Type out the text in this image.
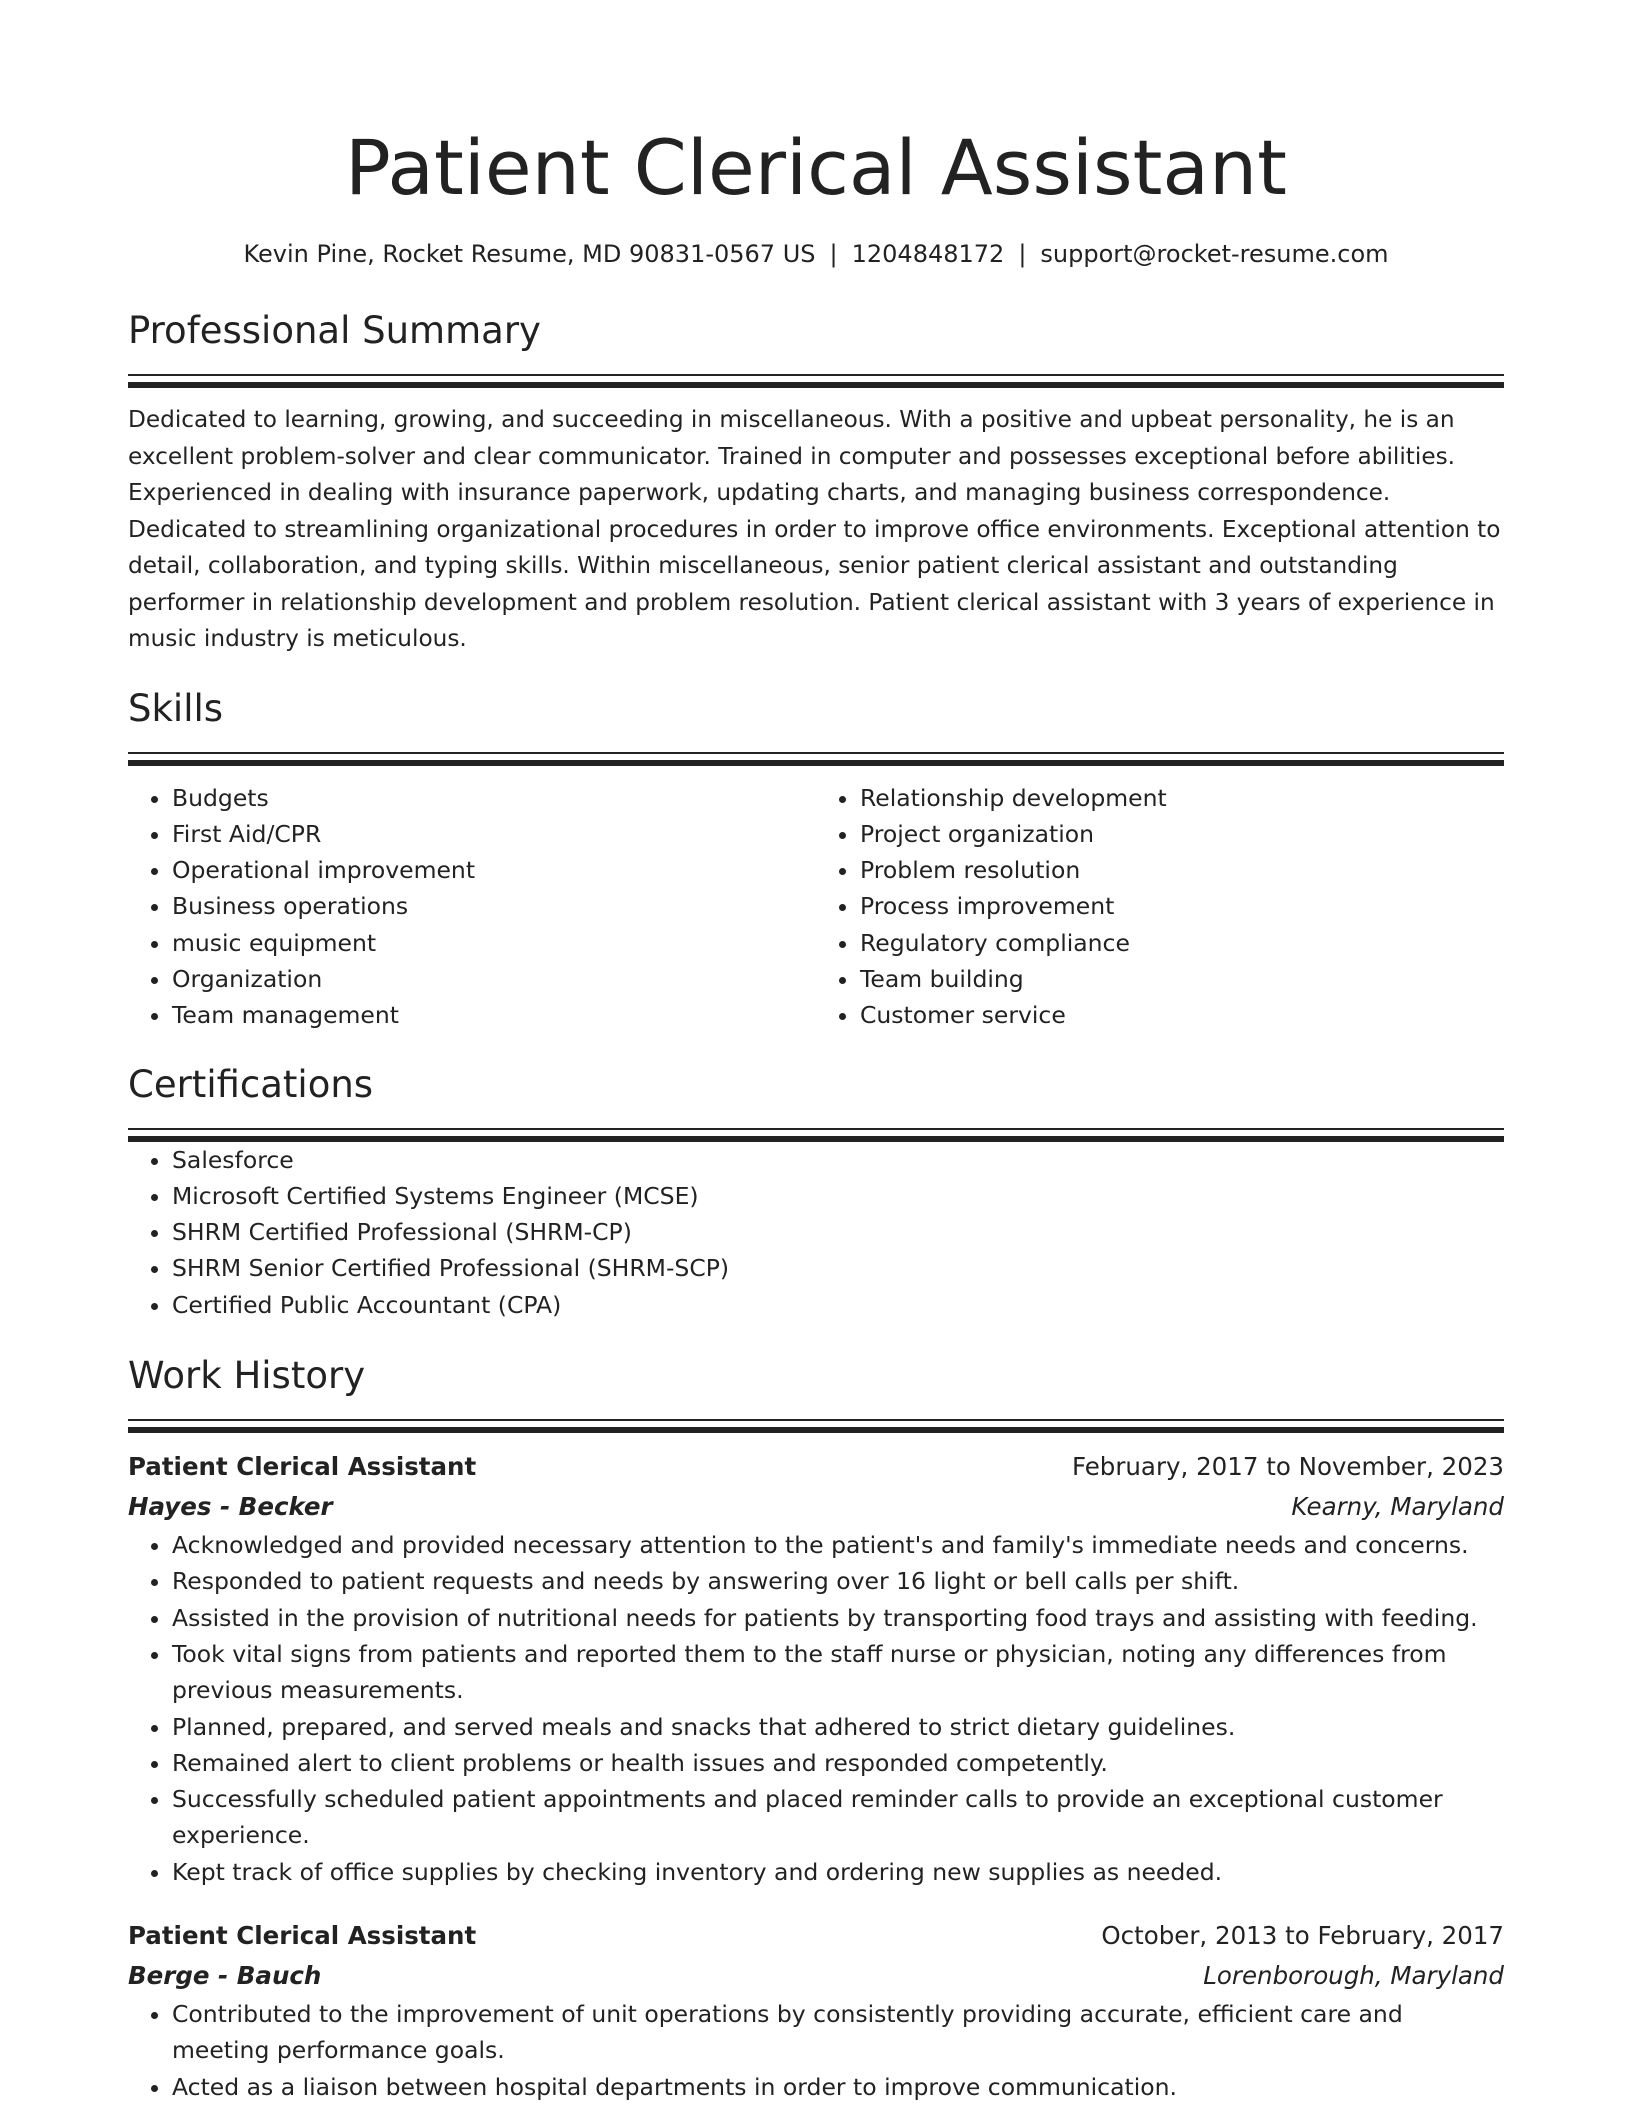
Patient Clerical Assistant
Kevin Pine, Rocket Resume, MD 90831-0567 US | 1204848172 | support@rocket-resume.com
Professional Summary

Dedicated to learning, growing, and succeeding in miscellaneous. With a positive and upbeat personality, he is an excellent problem-solver and clear communicator. Trained in computer and possesses exceptional before abilities. Experienced in dealing with insurance paperwork, updating charts, and managing business correspondence. Dedicated to streamlining organizational procedures in order to improve office environments. Exceptional attention to detail, collaboration, and typing skills. Within miscellaneous, senior patient clerical assistant and outstanding performer in relationship development and problem resolution. Patient clerical assistant with 3 years of experience in music industry is meticulous.

Skills
• Budgets
• First Aid/CPR
• Operational improvement
• Business operations
• music equipment
• Organization
• Team management
• Relationship development
• Project organization
• Problem resolution
• Process improvement
• Regulatory compliance
• Team building
• Customer service
Certifications
• Salesforce
• Microsoft Certified Systems Engineer (MCSE)
• SHRM Certified Professional (SHRM-CP)
• SHRM Senior Certified Professional (SHRM-SCP)
• Certified Public Accountant (CPA)
Work History
Patient Clerical Assistant	February, 2017 to November, 2023
Hayes - Becker	Kearny, Maryland
• Acknowledged and provided necessary attention to the patient's and family's immediate needs and concerns.
• Responded to patient requests and needs by answering over 16 light or bell calls per shift.
• Assisted in the provision of nutritional needs for patients by transporting food trays and assisting with feeding.
• Took vital signs from patients and reported them to the staff nurse or physician, noting any differences from previous measurements.
• Planned, prepared, and served meals and snacks that adhered to strict dietary guidelines.
• Remained alert to client problems or health issues and responded competently.
• Successfully scheduled patient appointments and placed reminder calls to provide an exceptional customer experience.
• Kept track of office supplies by checking inventory and ordering new supplies as needed.
Patient Clerical Assistant	October, 2013 to February, 2017
Berge - Bauch	Lorenborough, Maryland
• Contributed to the improvement of unit operations by consistently providing accurate, efficient care and meeting performance goals.
• Acted as a liaison between hospital departments in order to improve communication.
